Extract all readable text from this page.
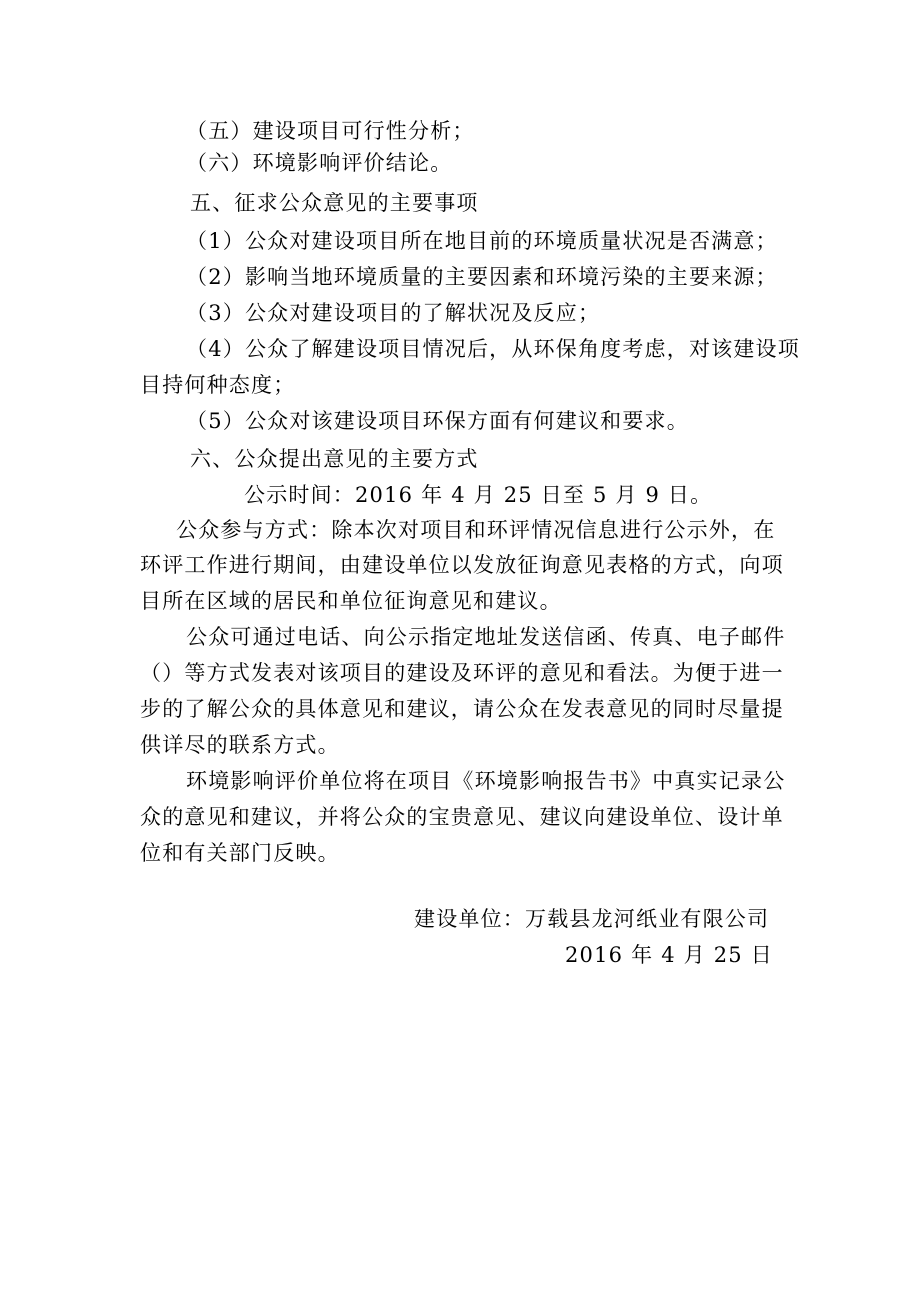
（五）建设项目可行性分析；
（六）环境影响评价结论。
五、征求公众意见的主要事项
（1）公众对建设项目所在地目前的环境质量状况是否满意；
（2）影响当地环境质量的主要因素和环境污染的主要来源；
（3）公众对建设项目的了解状况及反应；
（4）公众了解建设项目情况后，从环保角度考虑，对该建设项
目持何种态度；
（5）公众对该建设项目环保方面有何建议和要求。
六、公众提出意见的主要方式
公示时间：2016 年 4 月 25 日至 5 月 9 日。
公众参与方式：除本次对项目和环评情况信息进行公示外，在
环评工作进行期间，由建设单位以发放征询意见表格的方式，向项
目所在区域的居民和单位征询意见和建议。
公众可通过电话、向公示指定地址发送信函、传真、电子邮件
（）等方式发表对该项目的建设及环评的意见和看法。为便于进一
步的了解公众的具体意见和建议，请公众在发表意见的同时尽量提
供详尽的联系方式。
环境影响评价单位将在项目《环境影响报告书》中真实记录公
众的意见和建议，并将公众的宝贵意见、建议向建设单位、设计单
位和有关部门反映。
建设单位：万载县龙河纸业有限公司
2016 年 4 月 25 日
